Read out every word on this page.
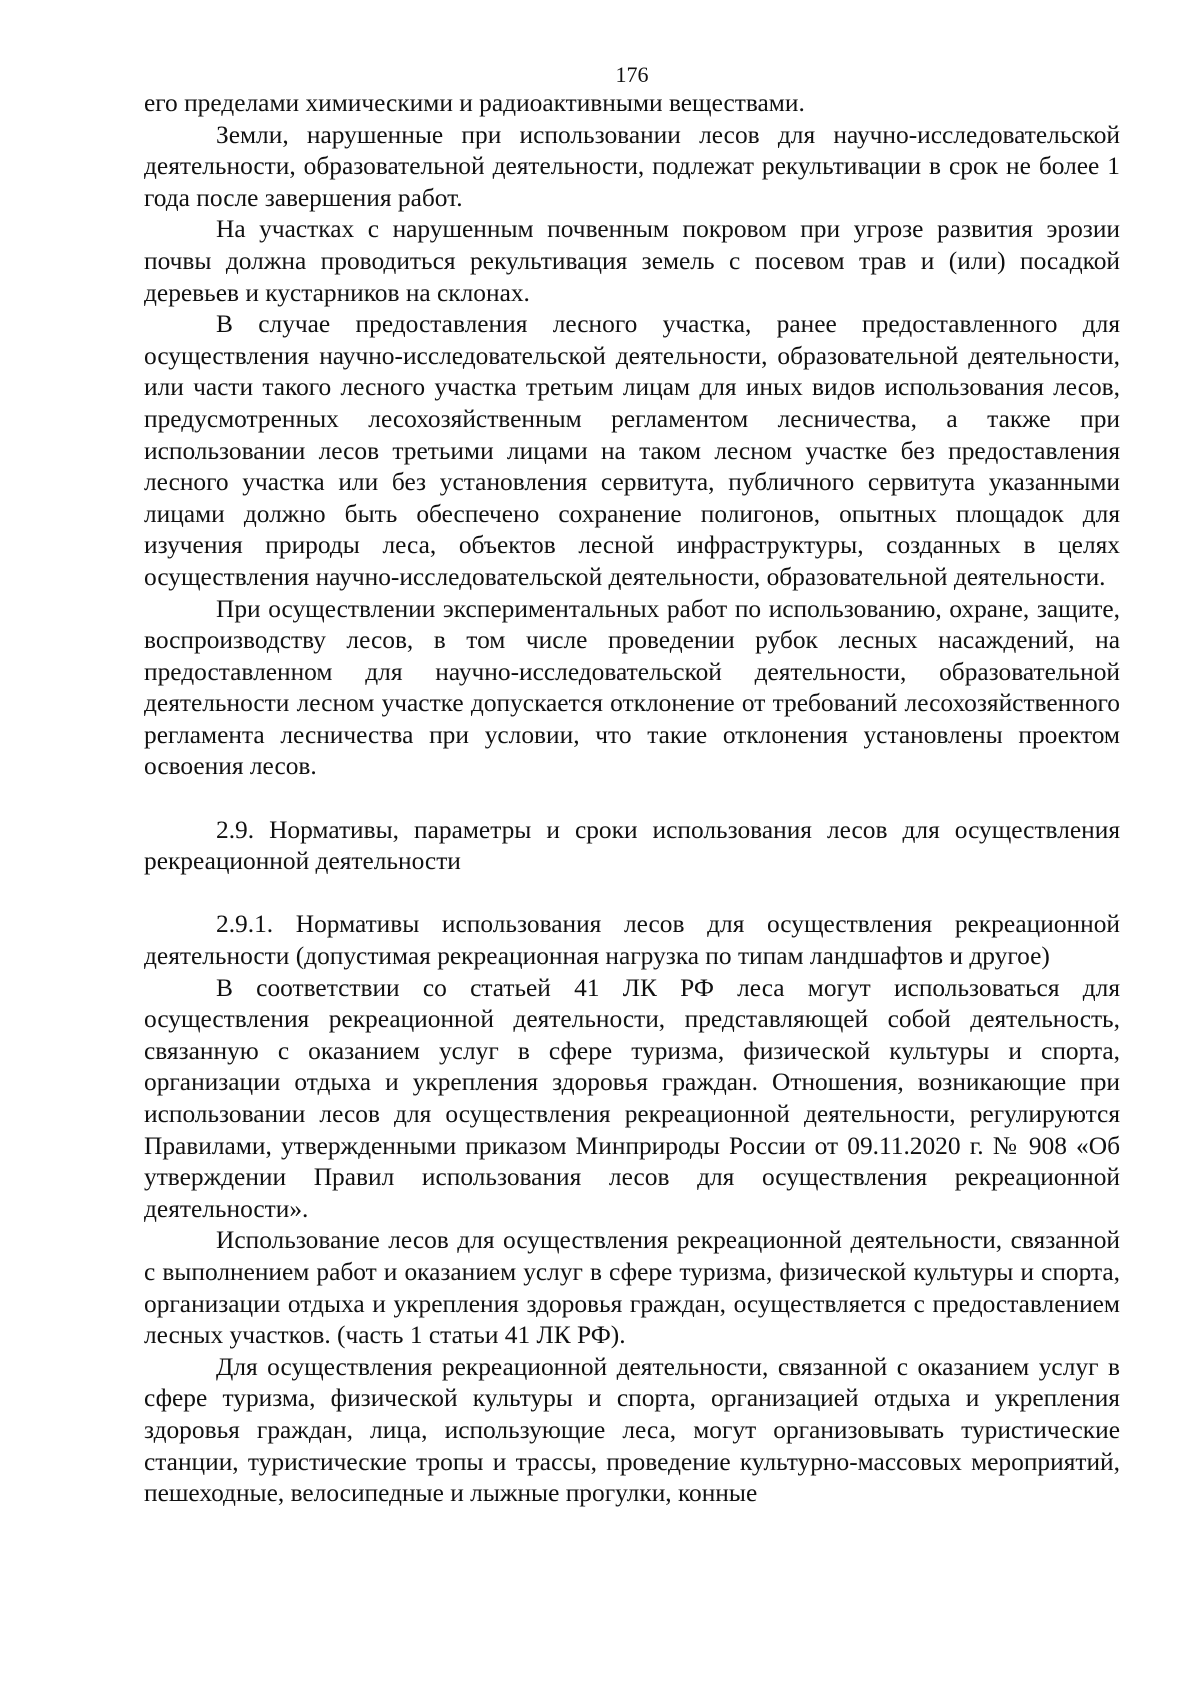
176

его пределами химическими и радиоактивными веществами.

Земли, нарушенные при использовании лесов для научно-исследовательской деятельности, образовательной деятельности, подлежат рекультивации в срок не более 1 года после завершения работ.

На участках с нарушенным почвенным покровом при угрозе развития эрозии почвы должна проводиться рекультивация земель с посевом трав и (или) посадкой деревьев и кустарников на склонах.

В случае предоставления лесного участка, ранее предоставленного для осуществления научно-исследовательской деятельности, образовательной деятельности, или части такого лесного участка третьим лицам для иных видов использования лесов, предусмотренных лесохозяйственным регламентом лесничества, а также при использовании лесов третьими лицами на таком лесном участке без предоставления лесного участка или без установления сервитута, публичного сервитута указанными лицами должно быть обеспечено сохранение полигонов, опытных площадок для изучения природы леса, объектов лесной инфраструктуры, созданных в целях осуществления научно-исследовательской деятельности, образовательной деятельности.

При осуществлении экспериментальных работ по использованию, охране, защите, воспроизводству лесов, в том числе проведении рубок лесных насаждений, на предоставленном для научно-исследовательской деятельности, образовательной деятельности лесном участке допускается отклонение от требований лесохозяйственного регламента лесничества при условии, что такие отклонения установлены проектом освоения лесов.

2.9. Нормативы, параметры и сроки использования лесов для осуществления рекреационной деятельности

2.9.1. Нормативы использования лесов для осуществления рекреационной деятельности (допустимая рекреационная нагрузка по типам ландшафтов и другое)

В соответствии со статьей 41 ЛК РФ леса могут использоваться для осуществления рекреационной деятельности, представляющей собой деятельность, связанную с оказанием услуг в сфере туризма, физической культуры и спорта, организации отдыха и укрепления здоровья граждан. Отношения, возникающие при использовании лесов для осуществления рекреационной деятельности, регулируются Правилами, утвержденными приказом Минприроды России от 09.11.2020 г. № 908 «Об утверждении Правил использования лесов для осуществления рекреационной деятельности».

Использование лесов для осуществления рекреационной деятельности, связанной с выполнением работ и оказанием услуг в сфере туризма, физической культуры и спорта, организации отдыха и укрепления здоровья граждан, осуществляется с предоставлением лесных участков. (часть 1 статьи 41 ЛК РФ).

Для осуществления рекреационной деятельности, связанной с оказанием услуг в сфере туризма, физической культуры и спорта, организацией отдыха и укрепления здоровья граждан, лица, использующие леса, могут организовывать туристические станции, туристические тропы и трассы, проведение культурно-массовых мероприятий, пешеходные, велосипедные и лыжные прогулки, конные
